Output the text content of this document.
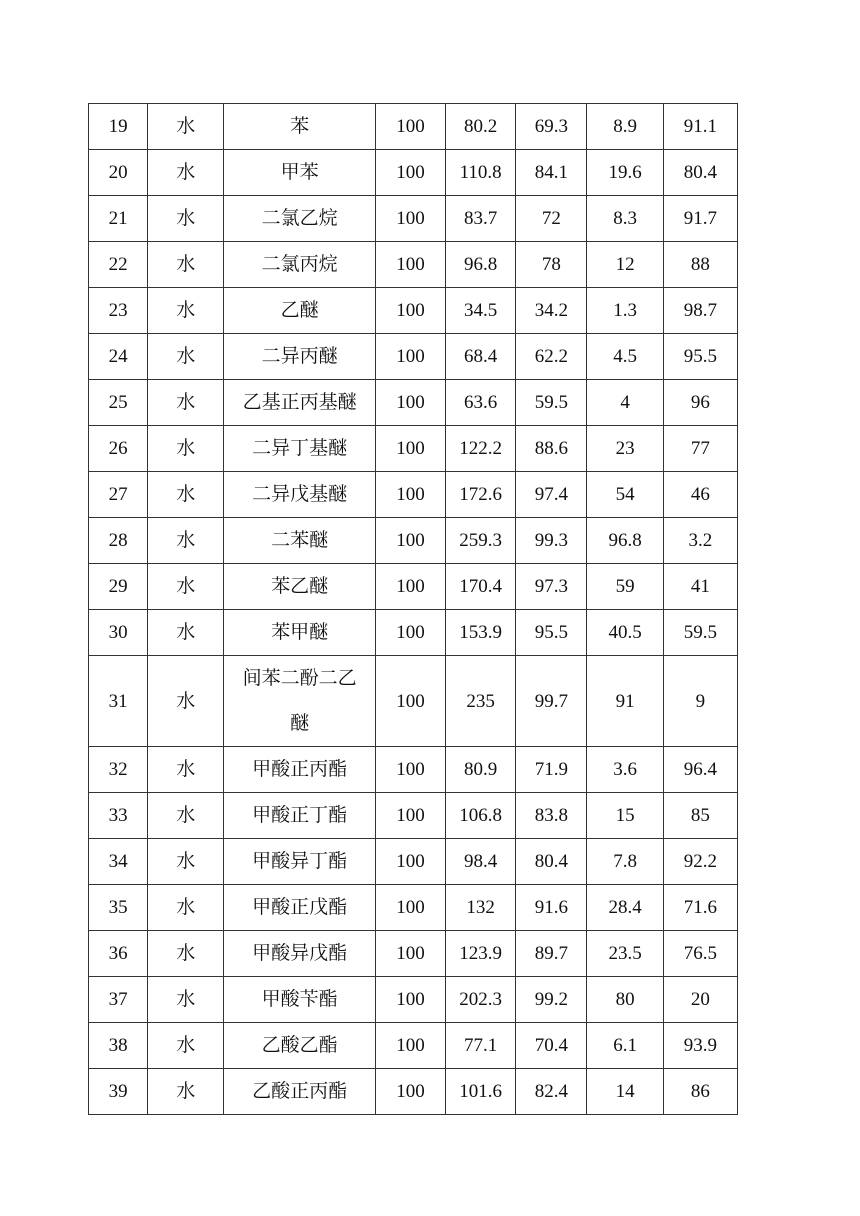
19	水	苯	100	80.2	69.3	8.9	91.1
20	水	甲苯	100	110.8	84.1	19.6	80.4
21	水	二氯乙烷	100	83.7	72	8.3	91.7
22	水	二氯丙烷	100	96.8	78	12	88
23	水	乙醚	100	34.5	34.2	1.3	98.7
24	水	二异丙醚	100	68.4	62.2	4.5	95.5
25	水	乙基正丙基醚	100	63.6	59.5	4	96
26	水	二异丁基醚	100	122.2	88.6	23	77
27	水	二异戊基醚	100	172.6	97.4	54	46
28	水	二苯醚	100	259.3	99.3	96.8	3.2
29	水	苯乙醚	100	170.4	97.3	59	41
30	水	苯甲醚	100	153.9	95.5	40.5	59.5
31	水	间苯二酚二乙醚	100	235	99.7	91	9
32	水	甲酸正丙酯	100	80.9	71.9	3.6	96.4
33	水	甲酸正丁酯	100	106.8	83.8	15	85
34	水	甲酸异丁酯	100	98.4	80.4	7.8	92.2
35	水	甲酸正戊酯	100	132	91.6	28.4	71.6
36	水	甲酸异戊酯	100	123.9	89.7	23.5	76.5
37	水	甲酸苄酯	100	202.3	99.2	80	20
38	水	乙酸乙酯	100	77.1	70.4	6.1	93.9
39	水	乙酸正丙酯	100	101.6	82.4	14	86
